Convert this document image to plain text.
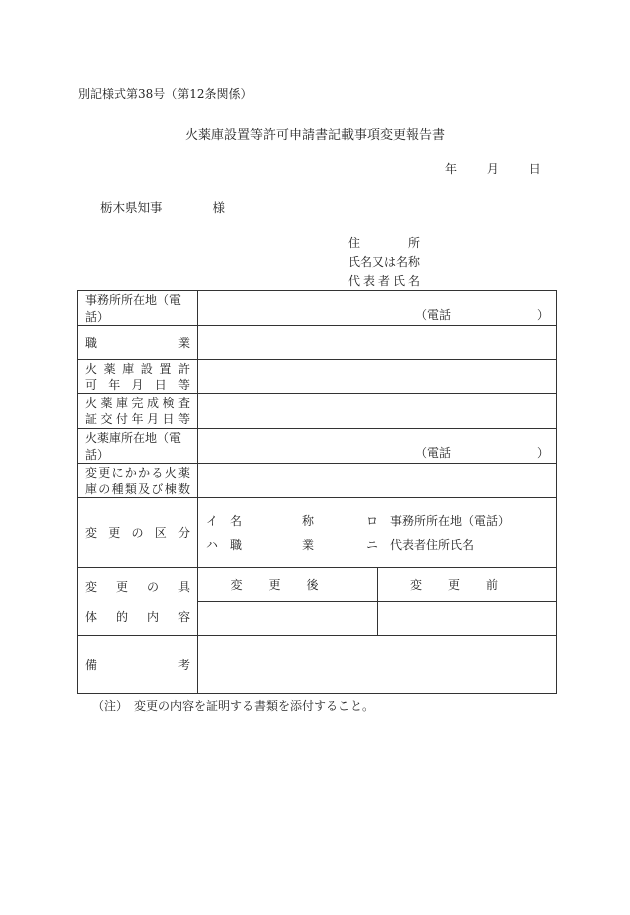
別記様式第38号（第12条関係）
火薬庫設置等許可申請書記載事項変更報告書
年 月 日
栃木県知事	様
住　　所
氏名又は名称
代表者氏名
事務所所在地（電話）	（電話 ）	

職　　業		

火薬庫設置許
可年月日等		

火薬庫完成検査
証交付年月日等		

火薬庫所在地（電話）	（電話 ）	

変更にかかる火薬
庫の種類及び棟数		

変更の区分	イ　名　　　　　称 ロ　事務所所在地（電話）
ハ　職　　　　　業 ニ　代表者住所氏名	

変更の具
体的内容	変更後	変更前

備　　考		

（注）　変更の内容を証明する書類を添付すること。
